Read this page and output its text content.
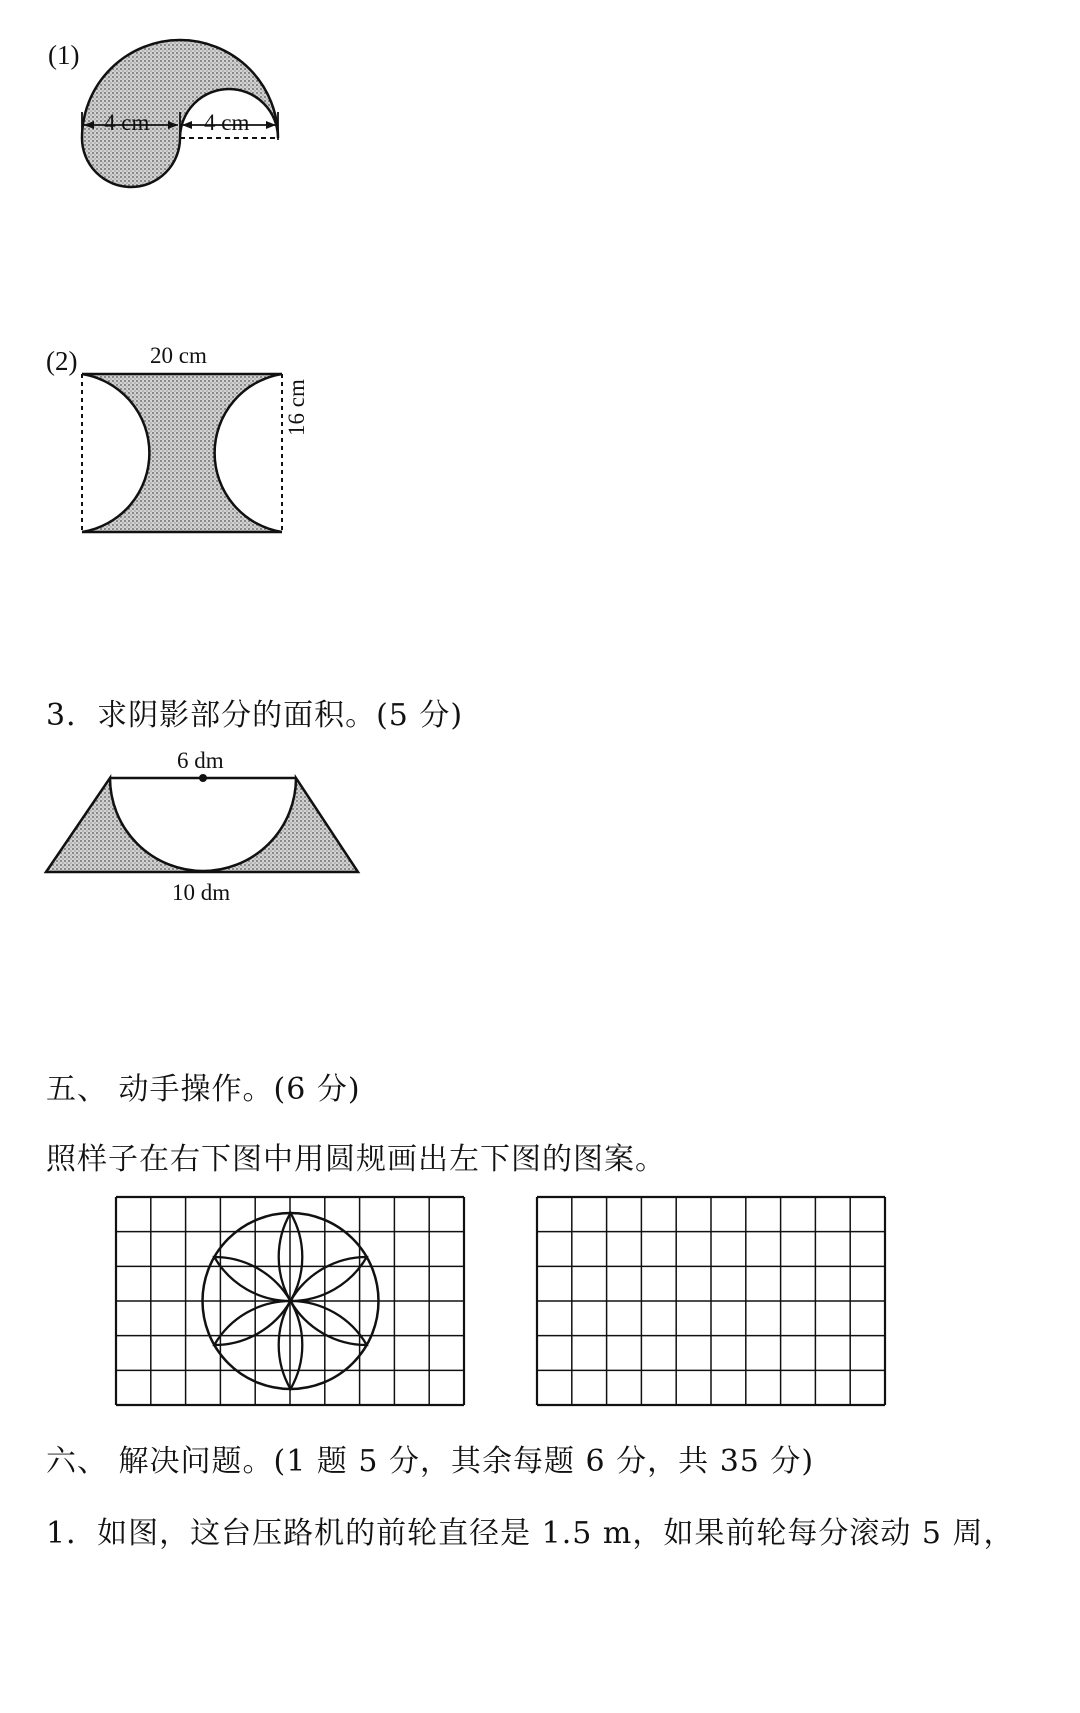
(1)
4 cm 4 cm
(2)	20 cm
16 cm
3．求阴影部分的面积。(5 分)
6 dm
10 dm
五、 动手操作。(6 分)
照样子在右下图中用圆规画出左下图的图案。
六、 解决问题。(1 题 5 分，其余每题 6 分，共 35 分)
1．如图，这台压路机的前轮直径是 1.5 m，如果前轮每分滚动 5 周，
